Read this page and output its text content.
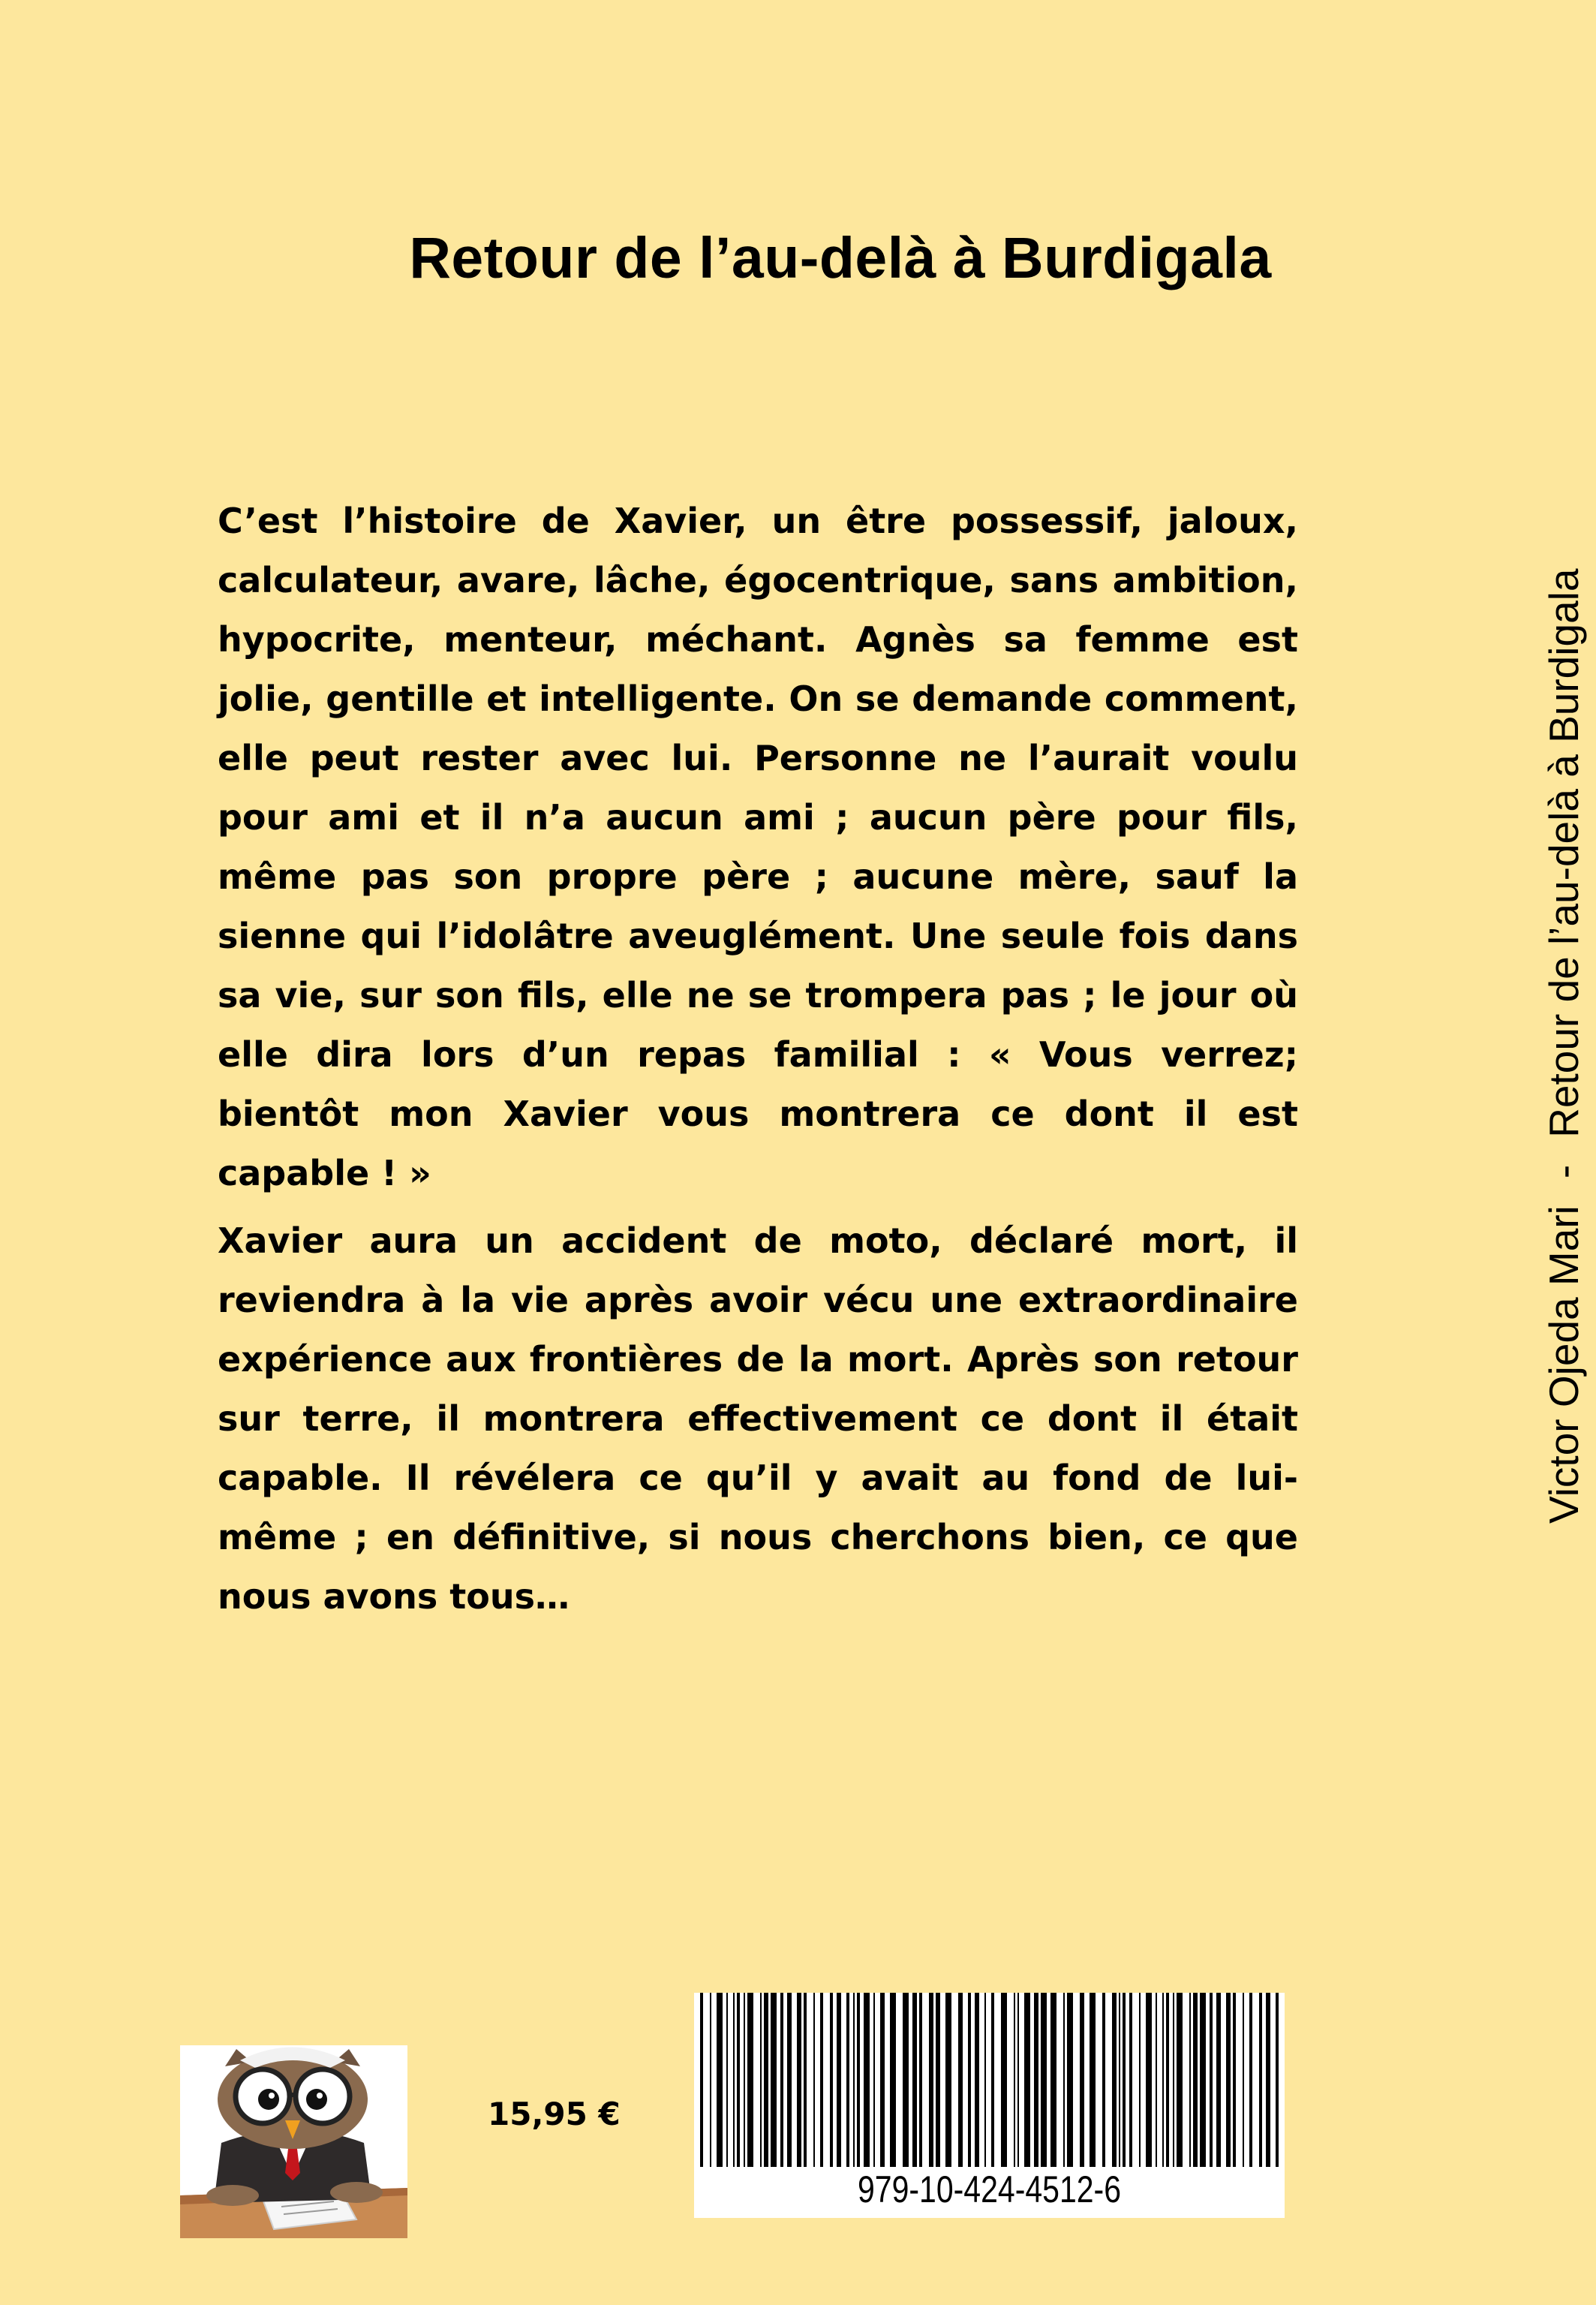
Retour de l’au-delà à Burdigala

C’est l’histoire de Xavier, un être possessif, jaloux, calculateur, avare, lâche, égocentrique, sans ambition, hypocrite, menteur, méchant. Agnès sa femme est jolie, gentille et intelligente. On se demande comment, elle peut rester avec lui. Personne ne l’aurait voulu pour ami et il n’a aucun ami ; aucun père pour fils, même pas son propre père ; aucune mère, sauf la sienne qui l’idolâtre aveuglément. Une seule fois dans sa vie, sur son fils, elle ne se trompera pas ; le jour où elle dira lors d’un repas familial : « Vous verrez; bientôt mon Xavier vous montrera ce dont il est capable ! »

Xavier aura un accident de moto, déclaré mort, il reviendra à la vie après avoir vécu une extraordinaire expérience aux frontières de la mort. Après son retour sur terre, il montrera effectivement ce dont il était capable. Il révélera ce qu’il y avait au fond de lui-même ; en définitive, si nous cherchons bien, ce que nous avons tous…

Victor Ojeda Mari-Retour de l’au-delà à Burdigala
15,95 €
979-10-424-4512-6
